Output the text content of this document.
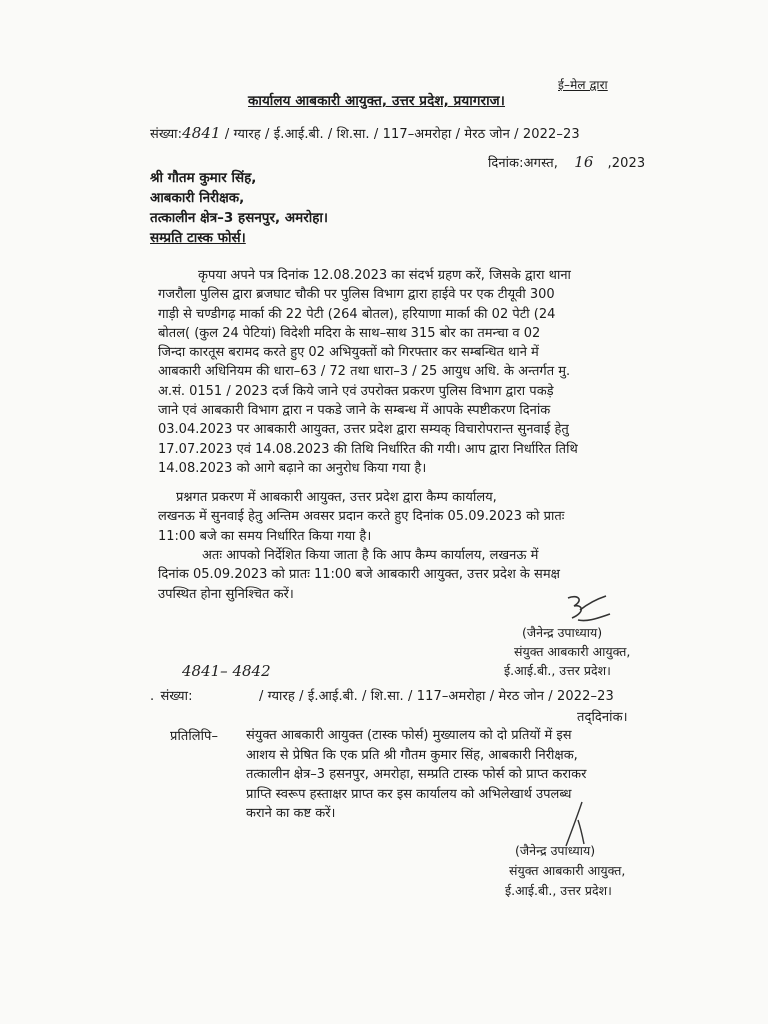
ई–मेल द्वारा
कार्यालय आबकारी आयुक्त, उत्तर प्रदेश, प्रयागराज।
संख्या:4841 / ग्यारह / ई.आई.बी. / शि.सा. / 117–अमरोहा / मेरठ जोन / 2022–23
दिनांक:अगस्त, 16 ,2023
श्री गौतम कुमार सिंह,
आबकारी निरीक्षक,
तत्कालीन क्षेत्र–3 हसनपुर, अमरोहा।
सम्प्रति टास्क फोर्स।
कृपया अपने पत्र दिनांक 12.08.2023 का संदर्भ ग्रहण करें, जिसके द्वारा थाना
गजरौला पुलिस द्वारा ब्रजघाट चौकी पर पुलिस विभाग द्वारा हाईवे पर एक टीयूवी 300
गाड़ी से चण्डीगढ़ मार्का की 22 पेटी (264 बोतल), हरियाणा मार्का की 02 पेटी (24
बोतल( (कुल 24 पेटियां) विदेशी मदिरा के साथ–साथ 315 बोर का तमन्चा व 02
जिन्दा कारतूस बरामद करते हुए 02 अभियुक्तों को गिरफ्तार कर सम्बन्धित थाने में
आबकारी अधिनियम की धारा–63 / 72 तथा धारा–3 / 25 आयुध अधि. के अन्तर्गत मु.
अ.सं. 0151 / 2023 दर्ज किये जाने एवं उपरोक्त प्रकरण पुलिस विभाग द्वारा पकड़े
जाने एवं आबकारी विभाग द्वारा न पकडे जाने के सम्बन्ध में आपके स्पष्टीकरण दिनांक
03.04.2023 पर आबकारी आयुक्त, उत्तर प्रदेश द्वारा सम्यक् विचारोपरान्त सुनवाई हेतु
17.07.2023 एवं 14.08.2023 की तिथि निर्धारित की गयी। आप द्वारा निर्धारित तिथि
14.08.2023 को आगे बढ़ाने का अनुरोध किया गया है।
प्रश्नगत प्रकरण में आबकारी आयुक्त, उत्तर प्रदेश द्वारा कैम्प कार्यालय,
लखनऊ में सुनवाई हेतु अन्तिम अवसर प्रदान करते हुए दिनांक 05.09.2023 को प्रातः
11:00 बजे का समय निर्धारित किया गया है।
अतः आपको निर्देशित किया जाता है कि आप कैम्प कार्यालय, लखनऊ में
दिनांक 05.09.2023 को प्रातः 11:00 बजे आबकारी आयुक्त, उत्तर प्रदेश के समक्ष
उपस्थित होना सुनिश्चित करें।
(जैनेन्द्र उपाध्याय)
संयुक्त आबकारी आयुक्त,
ई.आई.बी., उत्तर प्रदेश।
4841– 4842
. संख्या:	/ ग्यारह / ई.आई.बी. / शि.सा. / 117–अमरोहा / मेरठ जोन / 2022–23
तद्‌दिनांक।
प्रतिलिपि– संयुक्त आबकारी आयुक्त (टास्क फोर्स) मुख्यालय को दो प्रतियों में इस
आशय से प्रेषित कि एक प्रति श्री गौतम कुमार सिंह, आबकारी निरीक्षक,
तत्कालीन क्षेत्र–3 हसनपुर, अमरोहा, सम्प्रति टास्क फोर्स को प्राप्त कराकर
प्राप्ति स्वरूप हस्ताक्षर प्राप्त कर इस कार्यालय को अभिलेखार्थ उपलब्ध
कराने का कष्ट करें।
(जैनेन्द्र उपाध्याय)
संयुक्त आबकारी आयुक्त,
ई.आई.बी., उत्तर प्रदेश।
